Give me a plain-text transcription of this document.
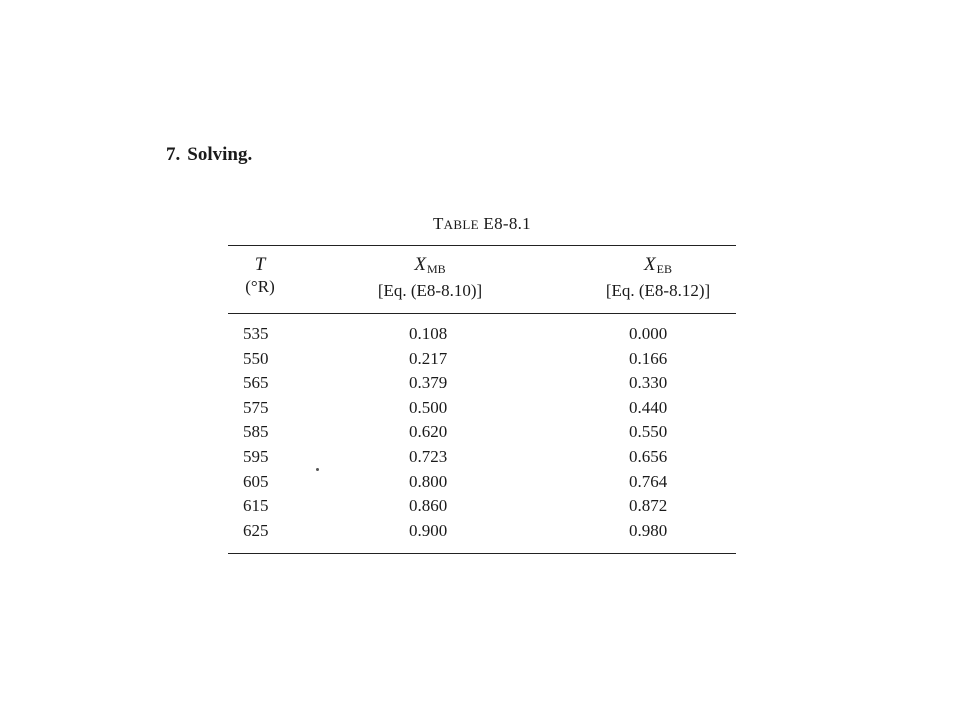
7. Solving.
TABLE E8-8.1
T
(°R)
$X_{MB}$
[Eq. (E8-8.10)]
$X_{EB}$
[Eq. (E8-8.12)]
535
550
565
575
585
595
605
615
625
0.108
0.217
0.379
0.500
0.620
0.723
0.800
0.860
0.900
0.000
0.166
0.330
0.440
0.550
0.656
0.764
0.872
0.980
